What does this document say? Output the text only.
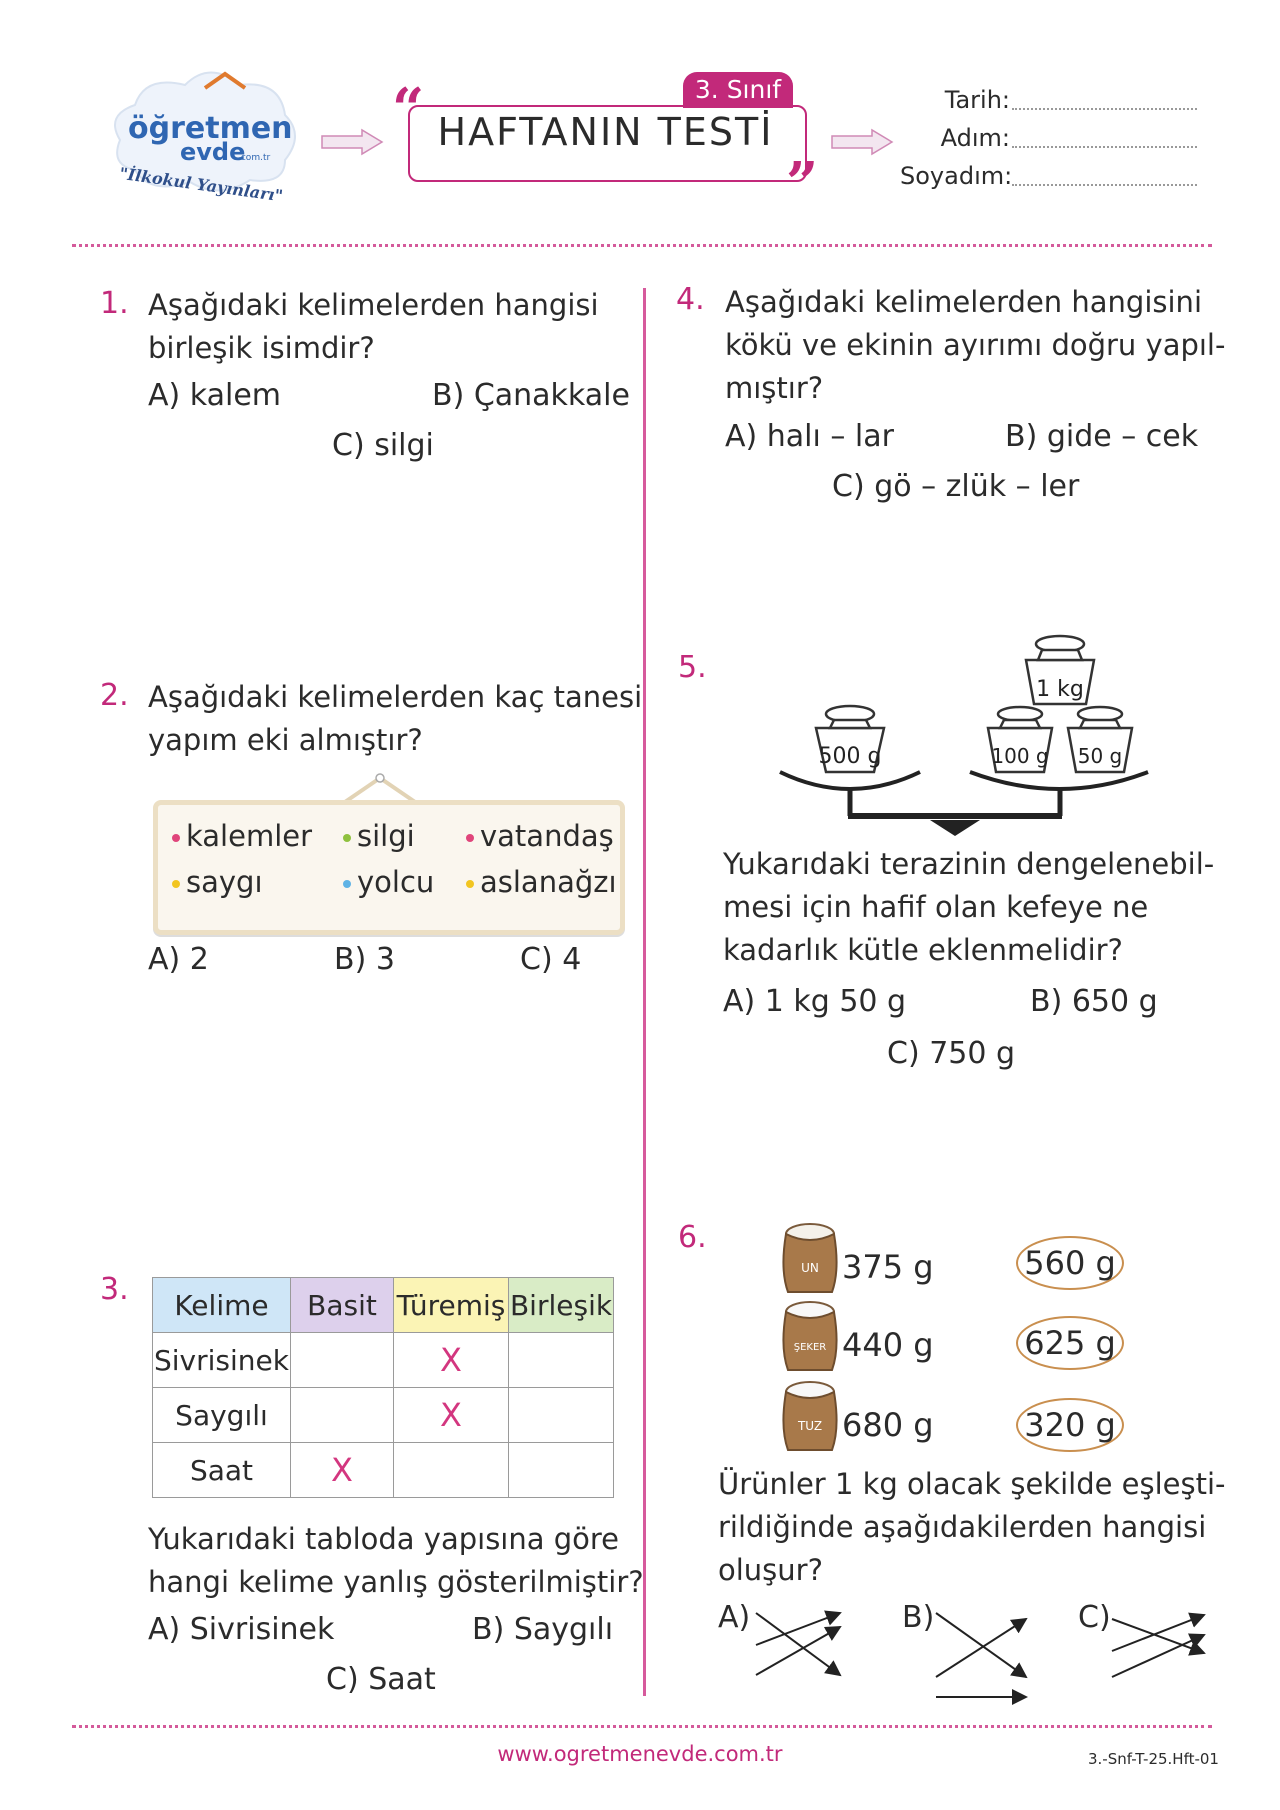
öğretmen
evde
.com.tr
"İlkokul Yayınları"
“	3. Sınıf
HAFTANIN TESTİ
”
Tarih:
Adım:
Soyadım:
1. Aşağıdaki kelimelerden hangisi
birleşik isimdir?
A) kalem	B) Çanakkale
C) silgi
2. Aşağıdaki kelimelerden kaç tanesi
yapım eki almıştır?
kalemler	silgi	vatandaş
saygı	yolcu	aslanağzı
A) 2	B) 3	C) 4
3. Kelime	Basit	Türemiş	Birleşik
Sivrisinek		X	
Saygılı		X	
Saat	X		
Yukarıdaki tabloda yapısına göre
hangi kelime yanlış gösterilmiştir?
A) Sivrisinek	B) Saygılı
C) Saat
4. Aşağıdaki kelimelerden hangisini
kökü ve ekinin ayırımı doğru yapıl-
mıştır?
A) halı – lar	B) gide – cek
C) gö – zlük – ler
5.
500 g
1 kg
100 g 50 g
Yukarıdaki terazinin dengelenebil-
mesi için hafif olan kefeye ne
kadarlık kütle eklenmelidir?
A) 1 kg 50 g	B) 650 g
C) 750 g
6.
UN 375 g
ŞEKER 440 g
TUZ 680 g
560 g
625 g
320 g
Ürünler 1 kg olacak şekilde eşleşti-
rildiğinde aşağıdakilerden hangisi
oluşur?
A)	B)	C)
www.ogretmenevde.com.tr	3.-Snf-T-25.Hft-01
